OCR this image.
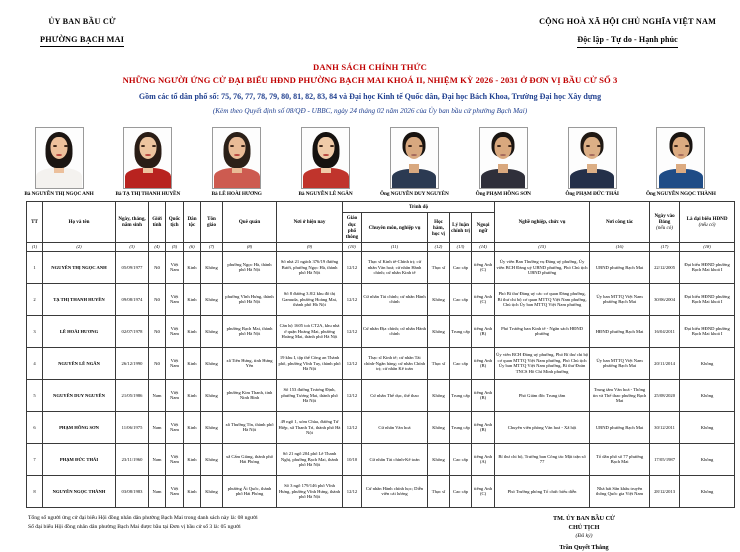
ỦY BAN BẦU CỬ
PHƯỜNG BẠCH MAI
CỘNG HOÀ XÃ HỘI CHỦ NGHĨA VIỆT NAM
Độc lập - Tự do - Hạnh phúc
DANH SÁCH CHÍNH THỨC
NHỮNG NGƯỜI ỨNG CỬ ĐẠI BIỂU HĐND PHƯỜNG BẠCH MAI KHOÁ II, NHIỆM KỲ 2026 - 2031 Ở ĐƠN VỊ BẦU CỬ SỐ 3
Gồm các tổ dân phố số: 75, 76, 77, 78, 79, 80, 81, 82, 83, 84 và Đại học Kinh tế Quốc dân, Đại học Bách Khoa, Trường Đại học Xây dựng
(Kèm theo Quyết định số 08/QĐ - UBBC, ngày 24 tháng 02 năm 2026 của Ủy ban bầu cử phường Bạch Mai)
Bà NGUYỄN THỊ NGỌC ANH	Bà TẠ THỊ THANH HUYỀN	Bà LÊ HOÀI HƯƠNG	Bà NGUYỄN LÊ NGÂN	Ông NGUYỄN DUY NGUYÊN	Ông PHẠM HỒNG SƠN	Ông PHẠM ĐỨC THÁI	Ông NGUYỄN NGỌC THÀNH
TT	Họ và tên	Ngày, tháng, năm sinh	Giới tính	Quốc tịch	Dân tộc	Tôn giáo	Quê quán	Nơi ở hiện nay	Trình độ					Nghề nghiệp, chức vụ	Nơi công tác	Ngày vào Đảng
(nếu có)	Là đại biểu HĐND
(nếu có)
									Giáo dục phổ thông	Chuyên môn, nghiệp vụ	Học hàm, học vị	Lý luận chính trị	Ngoại ngữ				
(1)	(2)	(3)	(4)	(5)	(6)	(7)	(8)	(9)	(10)	(11)	(12)	(13)	(14)	(15)	(16)	(17)	(18)
1	NGUYỄN THỊ NGỌC ANH	05/09/1977	Nữ	Việt Nam	Kinh	Không	phường Ngọc Hà, thành phố Hà Nội	Số nhà 21 ngách 376/19 đường Bưởi, phường Ngọc Hà, thành phố Hà Nội	12/12	Thạc sĩ Kinh tế-Chính trị; cử nhân Văn hoá; cử nhân Hành chính; cử nhân Kinh tế	Thạc sĩ	Cao cấp	tiếng Anh (C)	Ủy viên Ban Thường vụ Đảng uỷ phường, Ủy viên BCH Đảng uỷ UBND phường, Phó Chủ tịch UBND phường	UBND phường Bạch Mai	22/12/2005	Đại biểu HĐND phường Bạch Mai khoá I
2	TẠ THỊ THANH HUYỀN	09/08/1974	Nữ	Việt Nam	Kinh	Không	phường Vĩnh Hưng, thành phố Hà Nội	Số 8 đường 3.8/2 khu đô thị Gamuda, phường Hoàng Mai, thành phố Hà Nội	12/12	Cử nhân Tài chính; cử nhân Hành chính	Không	Cao cấp	tiếng Anh (C)	Phó Bí thư Đảng uỷ các cơ quan Đảng phường, Bí thư chi bộ cơ quan MTTQ Việt Nam phường, Chủ tịch Ủy ban MTTQ Việt Nam phường	Ủy ban MTTQ Việt Nam phường Bạch Mai	30/06/2004	Đại biểu HĐND phường Bạch Mai khoá I
3	LÊ HOÀI HƯƠNG	02/07/1978	Nữ	Việt Nam	Kinh	Không	phường Bạch Mai, thành phố Hà Nội	Căn hộ 1605 toà CT2A, khu nhà ở quận Hoàng Mai, phường Hoàng Mai, thành phố Hà Nội	12/12	Cử nhân Địa chính; cử nhân Hành chính	Không	Trung cấp	tiếng Anh (B)	Phó Trưởng ban Kinh tế - Ngân sách HĐND phường	HĐND phường Bạch Mai	16/04/2011	Đại biểu HĐND phường Bạch Mai khoá I
4	NGUYỄN LÊ NGÂN	26/12/1990	Nữ	Việt Nam	Kinh	Không	xã Tiên Hưng, tỉnh Hưng Yên	19 khu I, tập thể Công an Thành phố, phường Vĩnh Tuy, thành phố Hà Nội	12/12	Thạc sĩ Kinh tế; cử nhân Tài chính-Ngân hàng; cử nhân Chính trị; cử nhân Kế toán	Thạc sĩ	Cao cấp	tiếng Anh (B)	Ủy viên BCH Đảng uỷ phường, Phó Bí thư chi bộ cơ quan MTTQ Việt Nam phường, Phó Chủ tịch Ủy ban MTTQ Việt Nam phường, Bí thư Đoàn TNCS Hồ Chí Minh phường	Ủy ban MTTQ Việt Nam phường Bạch Mai	20/11/2014	Không
5	NGUYỄN DUY NGUYÊN	21/05/1986	Nam	Việt Nam	Kinh	Không	phường Kim Thanh, tỉnh Ninh Bình	Số 153 đường Trương Định, phường Tương Mai, thành phố Hà Nội	12/12	Cử nhân Thể dục, thể thao	Không	Trung cấp	tiếng Anh (B)	Phó Giám đốc Trung tâm	Trung tâm Văn hoá - Thông tin và Thể thao phường Bạch Mai	25/08/2020	Không
6	PHẠM HỒNG SƠN	11/06/1975	Nam	Việt Nam	Kinh	Không	xã Thường Tín, thành phố Hà Nội	49 ngõ 1, xóm Chùa, đường Tứ Hiệp, xã Thanh Trì, thành phố Hà Nội	12/12	Cử nhân Văn hoá	Không	Trung cấp	tiếng Anh (B)	Chuyên viên phòng Văn hoá - Xã hội	UBND phường Bạch Mai	30/12/2011	Không
7	PHẠM ĐỨC THÁI	23/11/1960	Nam	Việt Nam	Kinh	Không	xã Cẩm Giàng, thành phố Hải Phòng	Số 21 ngõ 204 phố Lê Thanh Nghị, phường Bạch Mai, thành phố Hà Nội	10/10	Cử nhân Tài chính-Kế toán	Không	Cao cấp	tiếng Anh (A)	Bí thư chi bộ, Trưởng ban Công tác Mặt trận số 77	Tổ dân phố số 77 phường Bạch Mai	17/05/1987	Không
8	NGUYỄN NGỌC THÀNH	03/08/1983	Nam	Việt Nam	Kinh	Không	phường Ái Quốc, thành phố Hải Phòng	Số 3 ngõ 179/146 phố Vĩnh Hưng, phường Vĩnh Hưng, thành phố Hà Nội	12/12	Cử nhân Hành chính học; Diễn viên cải lương	Thạc sĩ	Cao cấp	tiếng Anh (C)	Phó Trưởng phòng Tổ chức biểu diễn	Nhà hát Sân khấu truyền thống Quốc gia Việt Nam	28/12/2013	Không
Tổng số người ứng cử đại biểu Hội đồng nhân dân phường Bạch Mai trong danh sách này là: 08 người
Số đại biểu Hội đồng nhân dân phường Bạch Mai được bầu tại Đơn vị bầu cử số 3 là: 05 người
TM. ỦY BAN BẦU CỬ
CHỦ TỊCH
(Đã ký)
Trần Quyết Thắng
